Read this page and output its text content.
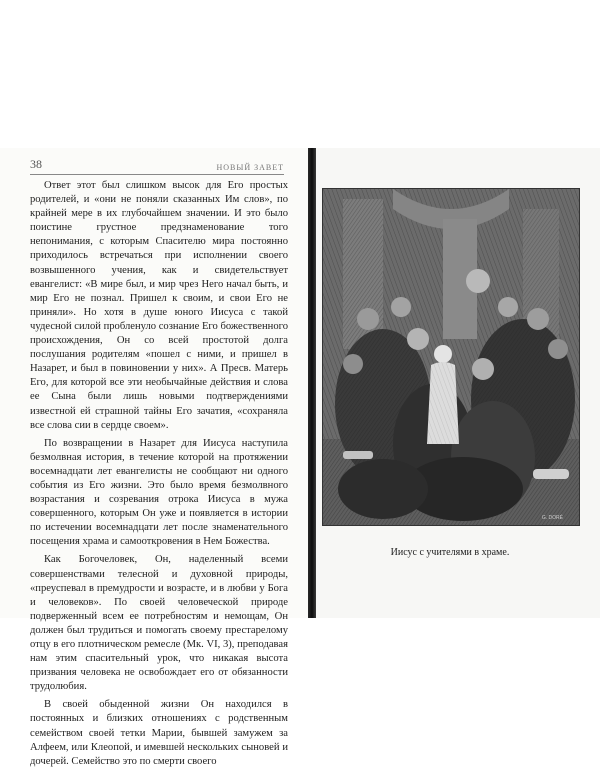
38	НОВЫЙ ЗАВЕТ

Ответ этот был слишком высок для Его простых родителей, и «они не поняли сказанных Им слов», по крайней мере в их глубочайшем значении. И это было поистине грустное предзнаменование того непонимания, с которым Спасителю мира постоянно приходилось встречаться при исполнении своего возвышенного учения, как и свидетельствует евангелист: «В мире был, и мир чрез Него начал быть, и мир Его не познал. Пришел к своим, и свои Его не приняли». Но хотя в душе юного Иисуса с такой чудесной силой пробленуло сознание Его божественного происхождения, Он со всей простотой долга послушания родителям «пошел с ними, и пришел в Назарет, и был в повиновении у них». А Пресв. Матерь Его, для которой все эти необычайные действия и слова ее Сына были лишь новыми подтверждениями известной ей страшной тайны Его зачатия, «сохраняла все слова сии в сердце своем».

По возвращении в Назарет для Иисуса наступила безмолвная история, в течение которой на протяжении восемнадцати лет евангелисты не сообщают ни одного события из Его жизни. Это было время безмолвного возрастания и созревания отрока Иисуса в мужа совершенного, которым Он уже и появляется в истории по истечении восемнадцати лет после знаменательного посещения храма и самооткровения в Нем Божества.

Как Богочеловек, Он, наделенный всеми совершенствами телесной и духовной природы, «преуспевал в премудрости и возрасте, и в любви у Бога и человеков». По своей человеческой природе подверженный всем ее потребностям и немощам, Он должен был трудиться и помогать своему престарелому отцу в его плотническом ремесле (Мк. VI, 3), преподавая нам этим спасительный урок, что никакая высота призвания человека не освобождает его от обязанности трудолюбия.

В своей обыденной жизни Он находился в постоянных и близких отношениях с родственным семейством своей тетки Марии, бывшей замужем за Алфеем, или Клеопой, и имевшей нескольких сыновей и дочерей. Семейство это по смерти своего

G. DORÉ
Иисус с учителями в храме.
